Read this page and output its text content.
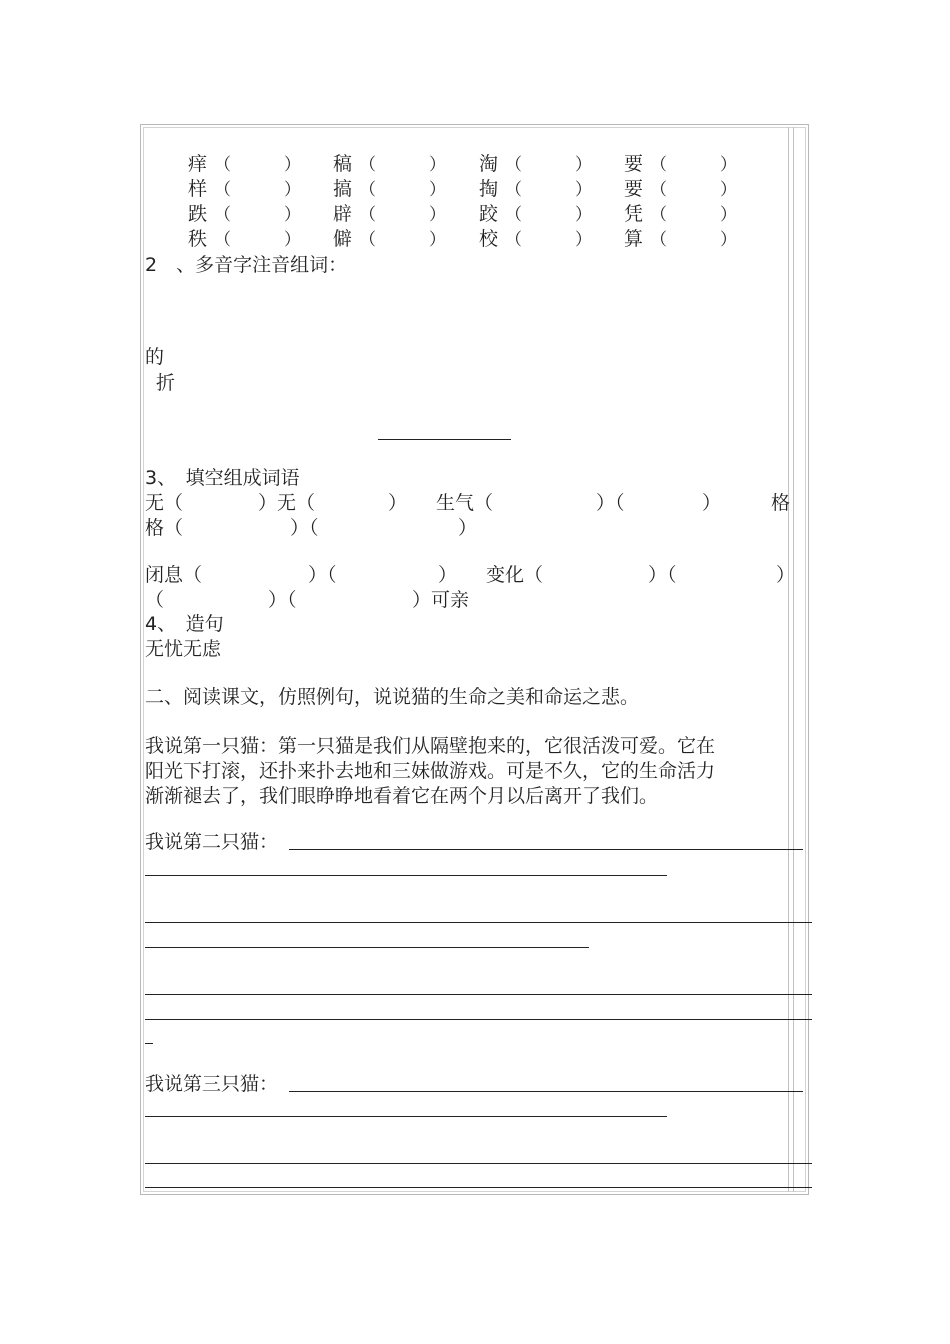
痒 （	） 稿 （	） 淘 （	） 要 （	）
样 （	） 搞 （	） 掏 （	） 要 （	）
跌 （	） 辟 （	） 跤 （	） 凭 （	）
秩 （	） 僻 （	） 校 （	） 算 （	）
2　、多音字注音组词：
的
折
3、　填空组成词语
无（	）无（	） 生气（	）（	）	格
格（	）（	）
闭息（	）（	） 变化（	）（	）
（	）（	）可亲
4、　造句
无忧无虑
二、阅读课文，仿照例句，说说猫的生命之美和命运之悲。
我说第一只猫：第一只猫是我们从隔壁抱来的，它很活泼可爱。它在
阳光下打滚，还扑来扑去地和三妹做游戏。可是不久，它的生命活力
渐渐褪去了，我们眼睁睁地看着它在两个月以后离开了我们。
我说第二只猫：
我说第三只猫：
